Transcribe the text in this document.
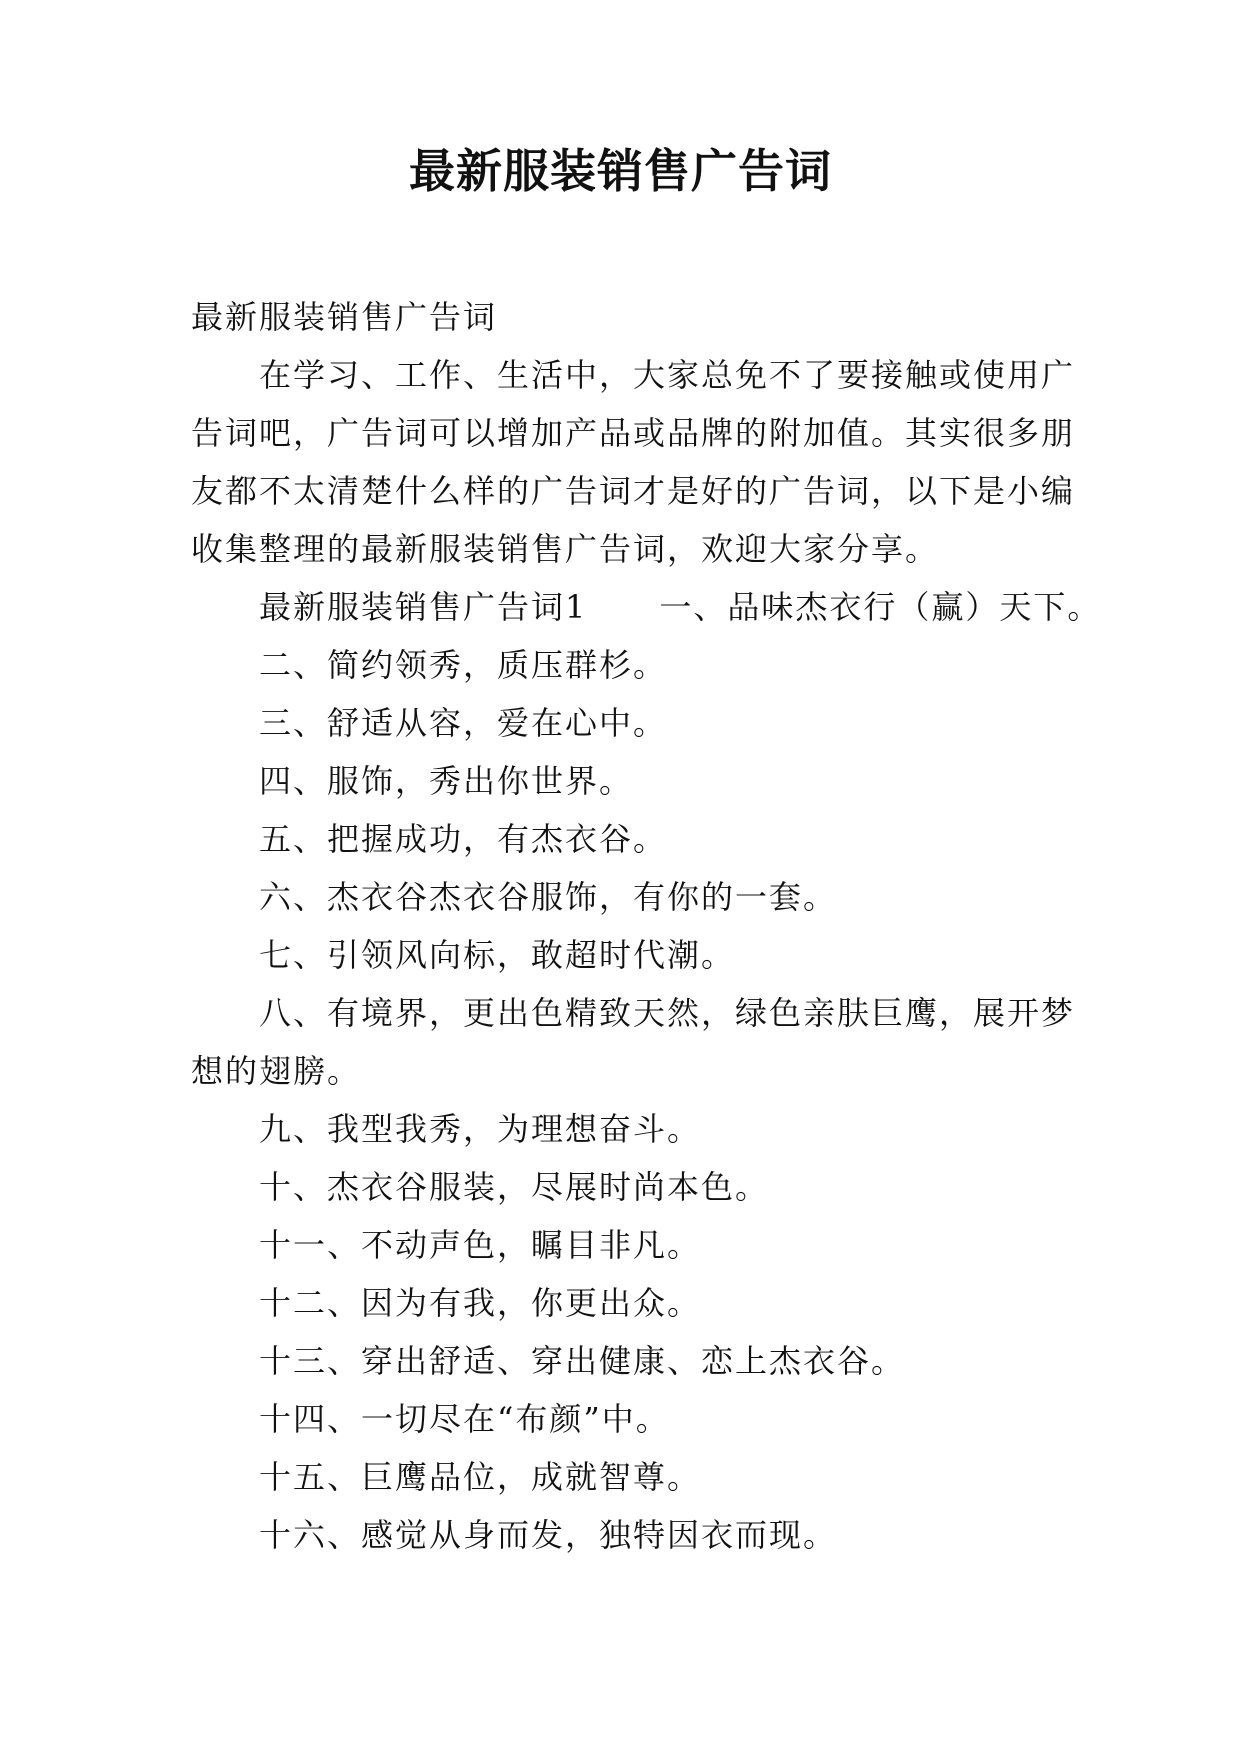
最新服装销售广告词

最新服装销售广告词

在学习、工作、生活中，大家总免不了要接触或使用广

告词吧，广告词可以增加产品或品牌的附加值。其实很多朋

友都不太清楚什么样的广告词才是好的广告词，以下是小编

收集整理的最新服装销售广告词，欢迎大家分享。

最新服装销售广告词1 一、品味杰衣行（赢）天下。

二、简约领秀，质压群杉。

三、舒适从容，爱在心中。

四、服饰，秀出你世界。

五、把握成功，有杰衣谷。

六、杰衣谷杰衣谷服饰，有你的一套。

七、引领风向标，敢超时代潮。

八、有境界，更出色精致天然，绿色亲肤巨鹰，展开梦

想的翅膀。

九、我型我秀，为理想奋斗。

十、杰衣谷服装，尽展时尚本色。

十一、不动声色，瞩目非凡。

十二、因为有我，你更出众。

十三、穿出舒适、穿出健康、恋上杰衣谷。

十四、一切尽在“布颜”中。

十五、巨鹰品位，成就智尊。

十六、感觉从身而发，独特因衣而现。
